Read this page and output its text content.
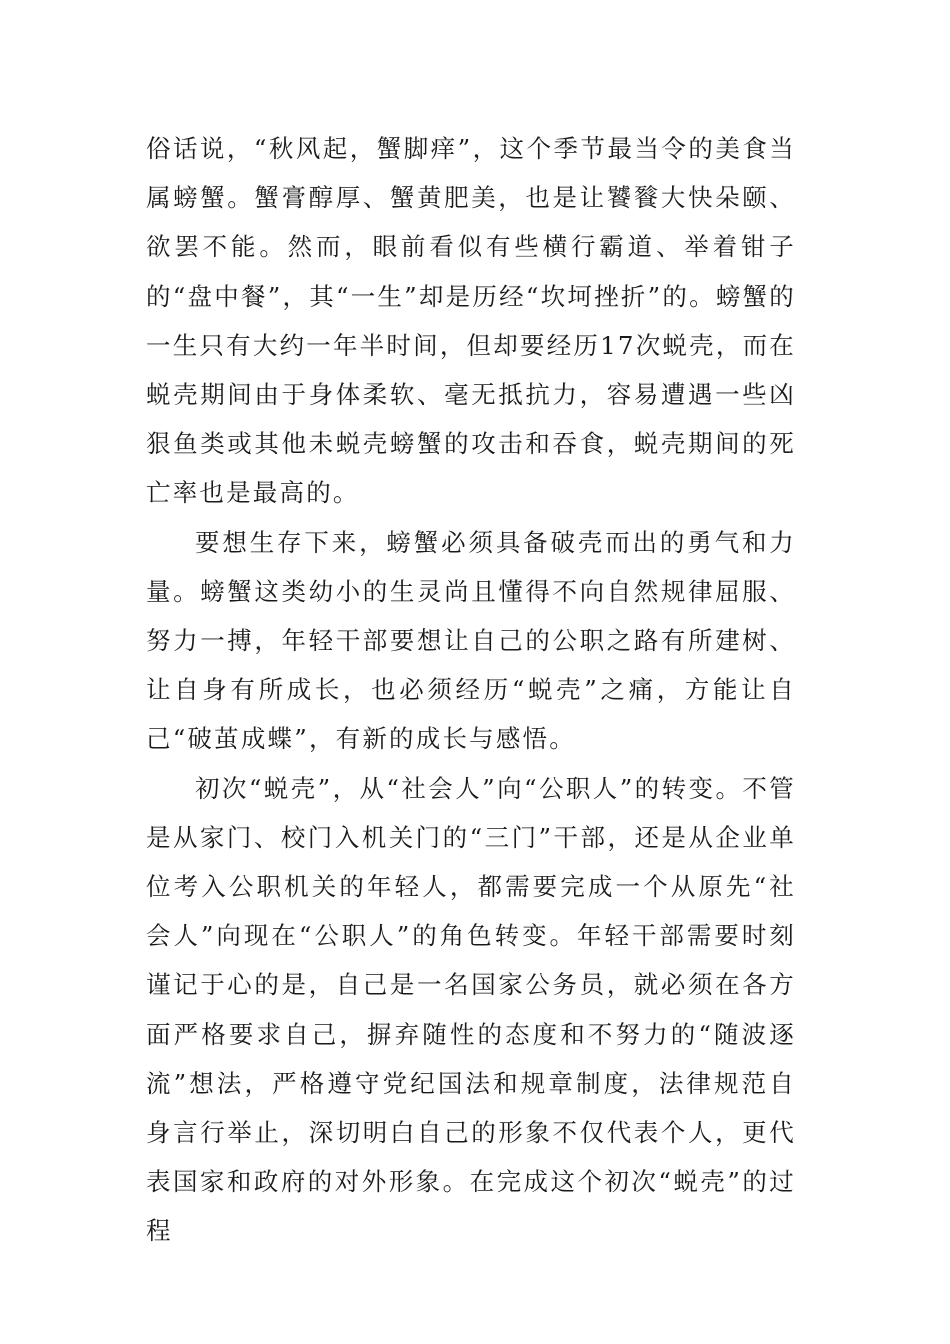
俗话说，“秋风起，蟹脚痒”，这个季节最当令的美食当属螃蟹。蟹膏醇厚、蟹黄肥美，也是让饕餮大快朵颐、欲罢不能。然而，眼前看似有些横行霸道、举着钳子的“盘中餐”，其“一生”却是历经“坎坷挫折”的。螃蟹的一生只有大约一年半时间，但却要经历17次蜕壳，而在蜕壳期间由于身体柔软、毫无抵抗力，容易遭遇一些凶狠鱼类或其他未蜕壳螃蟹的攻击和吞食，蜕壳期间的死亡率也是最高的。

要想生存下来，螃蟹必须具备破壳而出的勇气和力量。螃蟹这类幼小的生灵尚且懂得不向自然规律屈服、努力一搏，年轻干部要想让自己的公职之路有所建树、让自身有所成长，也必须经历“蜕壳”之痛，方能让自己“破茧成蝶”，有新的成长与感悟。

初次“蜕壳”，从“社会人”向“公职人”的转变。不管是从家门、校门入机关门的“三门”干部，还是从企业单位考入公职机关的年轻人，都需要完成一个从原先“社会人”向现在“公职人”的角色转变。年轻干部需要时刻谨记于心的是，自己是一名国家公务员，就必须在各方面严格要求自己，摒弃随性的态度和不努力的“随波逐流”想法，严格遵守党纪国法和规章制度，法律规范自身言行举止，深切明白自己的形象不仅代表个人，更代表国家和政府的对外形象。在完成这个初次“蜕壳”的过程
